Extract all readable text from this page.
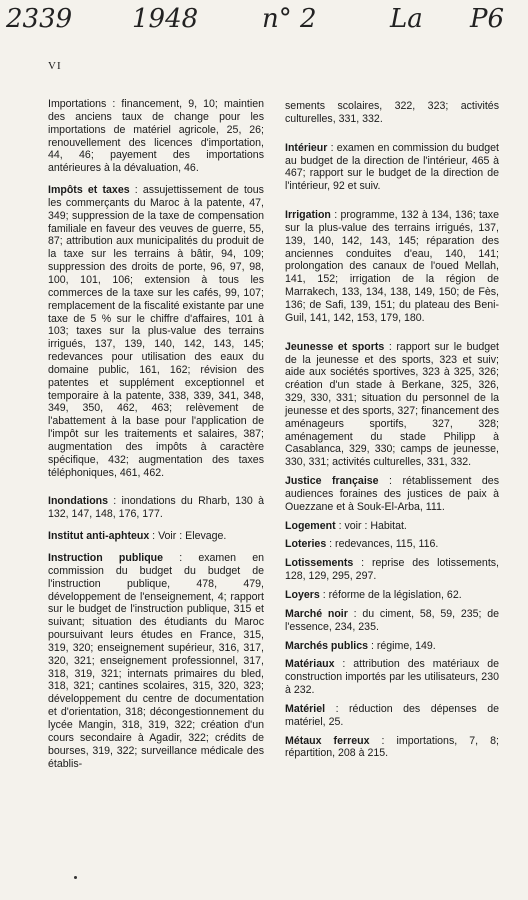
2339 1948 n° 2	La P6
VI

Importations : financement, 9, 10; maintien des anciens taux de change pour les importations de matériel agricole, 25, 26; renouvellement des licences d'importation, 44, 46; payement des importations antérieures à la dévaluation, 46.

Impôts et taxes : assujettissement de tous les commerçants du Maroc à la patente, 47, 349; suppression de la taxe de compensation familiale en faveur des veuves de guerre, 55, 87; attribution aux municipalités du produit de la taxe sur les terrains à bâtir, 94, 109; suppression des droits de porte, 96, 97, 98, 100, 101, 106; extension à tous les commerces de la taxe sur les cafés, 99, 107; remplacement de la fiscalité existante par une taxe de 5 % sur le chiffre d'affaires, 101 à 103; taxes sur la plus-value des terrains irrigués, 137, 139, 140, 142, 143, 145; redevances pour utilisation des eaux du domaine public, 161, 162; révision des patentes et supplément exceptionnel et temporaire à la patente, 338, 339, 341, 348, 349, 350, 462, 463; relèvement de l'abattement à la base pour l'application de l'impôt sur les traitements et salaires, 387; augmentation des impôts à caractère spécifique, 432; augmentation des taxes téléphoniques, 461, 462.

Inondations : inondations du Rharb, 130 à 132, 147, 148, 176, 177.

Institut anti-aphteux : Voir : Elevage.

Instruction publique : examen en commission du budget du budget de l'instruction publique, 478, 479, développement de l'enseignement, 4; rapport sur le budget de l'instruction publique, 315 et suivant; situation des étudiants du Maroc poursuivant leurs études en France, 315, 319, 320; enseignement supérieur, 316, 317, 320, 321; enseignement professionnel, 317, 318, 319, 321; internats primaires du bled, 318, 321; cantines scolaires, 315, 320, 323; développement du centre de documentation et d'orientation, 318; décongestionnement du lycée Mangin, 318, 319, 322; création d'un cours secondaire à Agadir, 322; crédits de bourses, 319, 322; surveillance médicale des établis-

sements scolaires, 322, 323; activités culturelles, 331, 332.

Intérieur : examen en commission du budget au budget de la direction de l'intérieur, 465 à 467; rapport sur le budget de la direction de l'intérieur, 92 et suiv.

Irrigation : programme, 132 à 134, 136; taxe sur la plus-value des terrains irrigués, 137, 139, 140, 142, 143, 145; réparation des anciennes conduites d'eau, 140, 141; prolongation des canaux de l'oued Mellah, 141, 152; irrigation de la région de Marrakech, 133, 134, 138, 149, 150; de Fès, 136; de Safi, 139, 151; du plateau des Beni-Guil, 141, 142, 153, 179, 180.

Jeunesse et sports : rapport sur le budget de la jeunesse et des sports, 323 et suiv; aide aux sociétés sportives, 323 à 325, 326; création d'un stade à Berkane, 325, 326, 329, 330, 331; situation du personnel de la jeunesse et des sports, 327; financement des aménageurs sportifs, 327, 328; aménagement du stade Philipp à Casablanca, 329, 330; camps de jeunesse, 330, 331; activités culturelles, 331, 332.

Justice française : rétablissement des audiences foraines des justices de paix à Ouezzane et à Souk-El-Arba, 111.

Logement : voir : Habitat.

Loteries : redevances, 115, 116.

Lotissements : reprise des lotissements, 128, 129, 295, 297.

Loyers : réforme de la législation, 62.

Marché noir : du ciment, 58, 59, 235; de l'essence, 234, 235.

Marchés publics : régime, 149.

Matériaux : attribution des matériaux de construction importés par les utilisateurs, 230 à 232.

Matériel : réduction des dépenses de matériel, 25.

Métaux ferreux : importations, 7, 8; répartition, 208 à 215.
